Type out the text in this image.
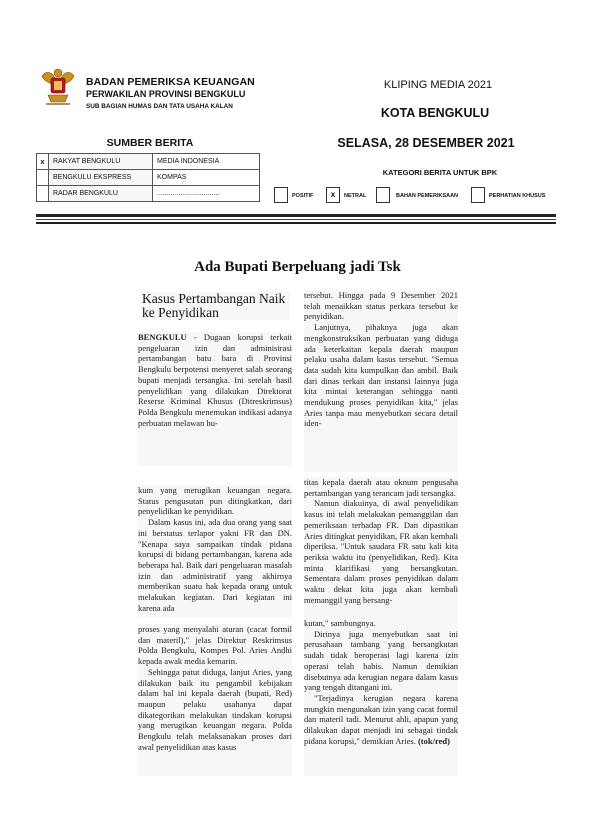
BADAN PEMERIKSA KEUANGAN
PERWAKILAN PROVINSI BENGKULU
SUB BAGIAN HUMAS DAN TATA USAHA KALAN
KLIPING MEDIA 2021
KOTA BENGKULU
SUMBER BERITA	SELASA, 28 DESEMBER 2021
x	RAKYAT BENGKULU	MEDIA INDONESIA
	BENGKULU EKSPRESS	KOMPAS
	RADAR BENGKULU	................................
KATEGORI BERITA UNTUK BPK
POSITIF	x	NETRAL	BAHAN PEMERIKSAAN	PERHATIAN KHUSUS
Ada Bupati Berpeluang jadi Tsk
Kasus Pertambangan Naik ke Penyidikan

BENGKULU - Dugaan korupsi terkait pengeluaran izin dan administrasi pertambangan batu bara di Provinsi Bengkulu berpotensi menyeret salah seorang bupati menjadi tersangka. Ini setelah hasil penyelidikan yang dilakukan Direktorat Reserse Kriminal Khusus (Ditreskrimsus) Polda Bengkulu menemukan indikasi adanya perbuatan melawan hu-

kum yang merugikan keuangan negara. Status pengusutan pun ditingkatkan, dari penyelidikan ke penyidikan.

Dalam kasus ini, ada dua orang yang saat ini berstatus terlapor yakni FR dan DN. "Kenapa saya sampaikan tindak pidana korupsi di bidang pertambangan, karena ada beberapa hal. Baik dari pengeluaran masalah izin dan administratif yang akhirnya memberikan suatu hak kepada orang untuk melakukan kegiatan. Dari kegiatan ini karena ada

proses yang menyalahi aturan (cacat formil dan materil)," jelas Direktur Reskrimsus Polda Bengkulu, Kompes Pol. Aries Andhi kepada awak media kemarin.

Sehingga patut diduga, lanjut Aries, yang dilakukan baik itu pengambil kebijakan dalam hal ini kepala daerah (bupati, Red) maupun pelaku usahanya dapat dikategorikan melakukan tindakan korupsi yang merugikan keuangan negara. Polda Bengkulu telah melaksanakan proses dari awal penyelidikan atas kasus

tersebut. Hingga pada 9 Desember 2021 telah menaikkan status perkara tersebut ke penyidikan.

Lanjutnya, pihaknya juga akan mengkonstruksikan perbuatan yang diduga ada keterkaitan kepala daerah maupun pelaku usaha dalam kasus tersebut. "Semua data sudah kita kumpulkan dan ambil. Baik dari dinas terkait dan instansi lainnya juga kita mintai keterangan sehingga nanti mendukung proses penyidikan kita," jelas Aries tanpa mau menyebutkan secara detail iden-

titas kepala daerah atau oknum pengusaha pertambangan yang terancam jadi tersangka.

Namun diakuinya, di awal penyelidikan kasus ini telah melakukan pemanggilan dan pemeriksaan terhadap FR. Dan dipastikan Aries ditingkat penyidikan, FR akan kembali diperiksa. "Untuk saudara FR satu kali kita periksa waktu itu (penyelidikan, Red). Kita minta klarifikasi yang bersangkutan. Sementara dalam proses penyidikan dalam waktu dekat kita juga akan kembali memanggil yang bersang-

kutan," sambungnya.

Dirinya juga menyebutkan saat ini perusahaan tambang yang bersangkutan sudah tidak beroperasi lagi karena izin operasi telah habis. Namun demikian disebutnya ada kerugian negara dalam kasus yang tengah ditangani ini.

"Terjadinya kerugian negara karena mungkin mengunakan izin yang cacat formil dan materil tadi. Menurut ahli, apapun yang dilakukan dapat menjadi ini sebagai tindak pidana korupsi," demikian Aries. (tok/red)
